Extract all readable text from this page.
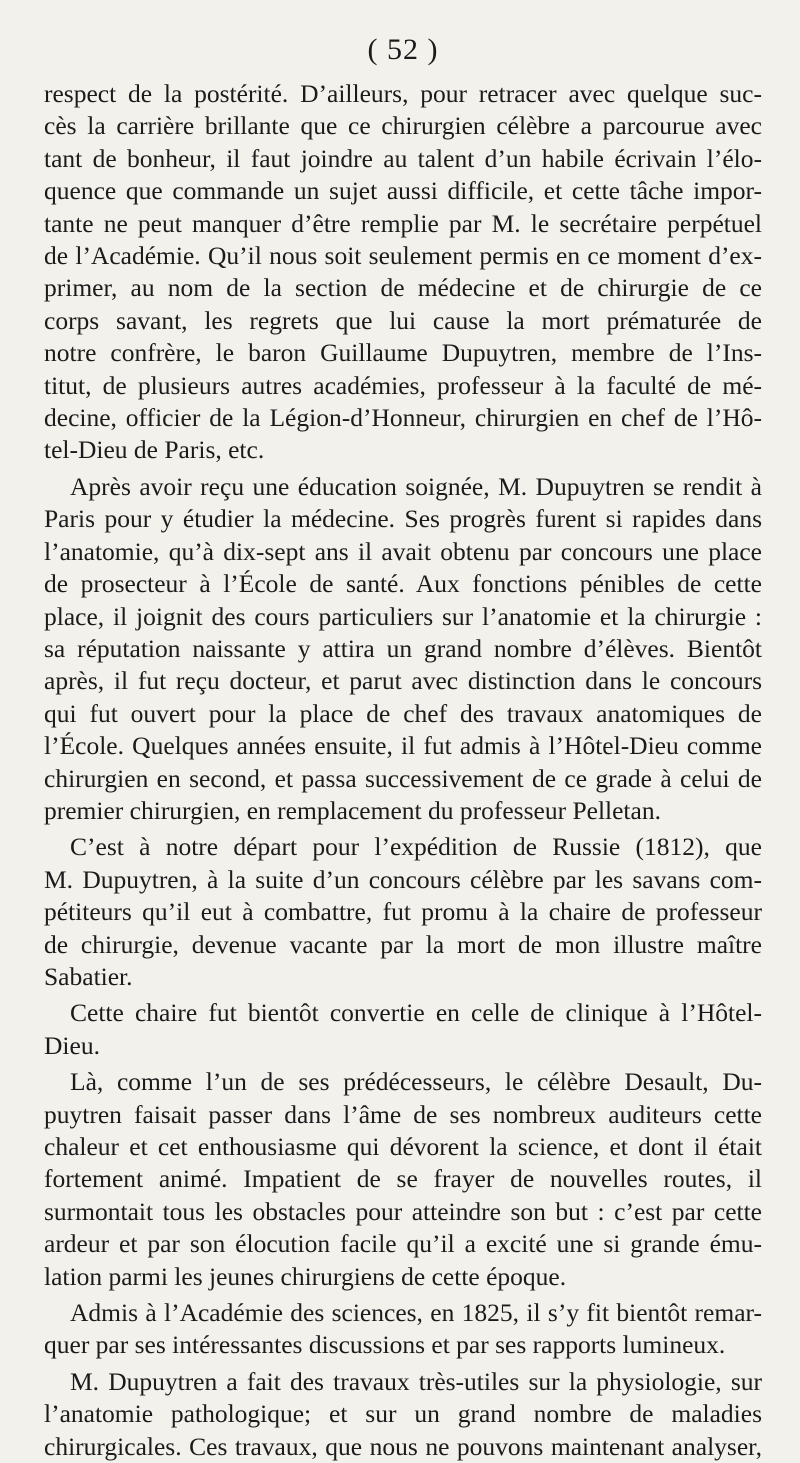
( 52 )

respect de la postérité. D’ailleurs, pour retracer avec quelque suc-
cès la carrière brillante que ce chirurgien célèbre a parcourue avec
tant de bonheur, il faut joindre au talent d’un habile écrivain l’élo-
quence que commande un sujet aussi difficile, et cette tâche impor-
tante ne peut manquer d’être remplie par M. le secrétaire perpétuel
de l’Académie. Qu’il nous soit seulement permis en ce moment d’ex-
primer, au nom de la section de médecine et de chirurgie de ce
corps savant, les regrets que lui cause la mort prématurée de
notre confrère, le baron Guillaume Dupuytren, membre de l’Ins-
titut, de plusieurs autres académies, professeur à la faculté de mé-
decine, officier de la Légion-d’Honneur, chirurgien en chef de l’Hô-
tel-Dieu de Paris, etc.

Après avoir reçu une éducation soignée, M. Dupuytren se rendit à
Paris pour y étudier la médecine. Ses progrès furent si rapides dans
l’anatomie, qu’à dix-sept ans il avait obtenu par concours une place
de prosecteur à l’École de santé. Aux fonctions pénibles de cette
place, il joignit des cours particuliers sur l’anatomie et la chirurgie :
sa réputation naissante y attira un grand nombre d’élèves. Bientôt
après, il fut reçu docteur, et parut avec distinction dans le concours
qui fut ouvert pour la place de chef des travaux anatomiques de
l’École. Quelques années ensuite, il fut admis à l’Hôtel-Dieu comme
chirurgien en second, et passa successivement de ce grade à celui de
premier chirurgien, en remplacement du professeur Pelletan.

C’est à notre départ pour l’expédition de Russie (1812), que
M. Dupuytren, à la suite d’un concours célèbre par les savans com-
pétiteurs qu’il eut à combattre, fut promu à la chaire de professeur
de chirurgie, devenue vacante par la mort de mon illustre maître
Sabatier.

Cette chaire fut bientôt convertie en celle de clinique à l’Hôtel-
Dieu.

Là, comme l’un de ses prédécesseurs, le célèbre Desault, Du-
puytren faisait passer dans l’âme de ses nombreux auditeurs cette
chaleur et cet enthousiasme qui dévorent la science, et dont il était
fortement animé. Impatient de se frayer de nouvelles routes, il
surmontait tous les obstacles pour atteindre son but : c’est par cette
ardeur et par son élocution facile qu’il a excité une si grande ému-
lation parmi les jeunes chirurgiens de cette époque.

Admis à l’Académie des sciences, en 1825, il s’y fit bientôt remar-
quer par ses intéressantes discussions et par ses rapports lumineux.

M. Dupuytren a fait des travaux très-utiles sur la physiologie, sur
l’anatomie pathologique; et sur un grand nombre de maladies
chirurgicales. Ces travaux, que nous ne pouvons maintenant analyser,
